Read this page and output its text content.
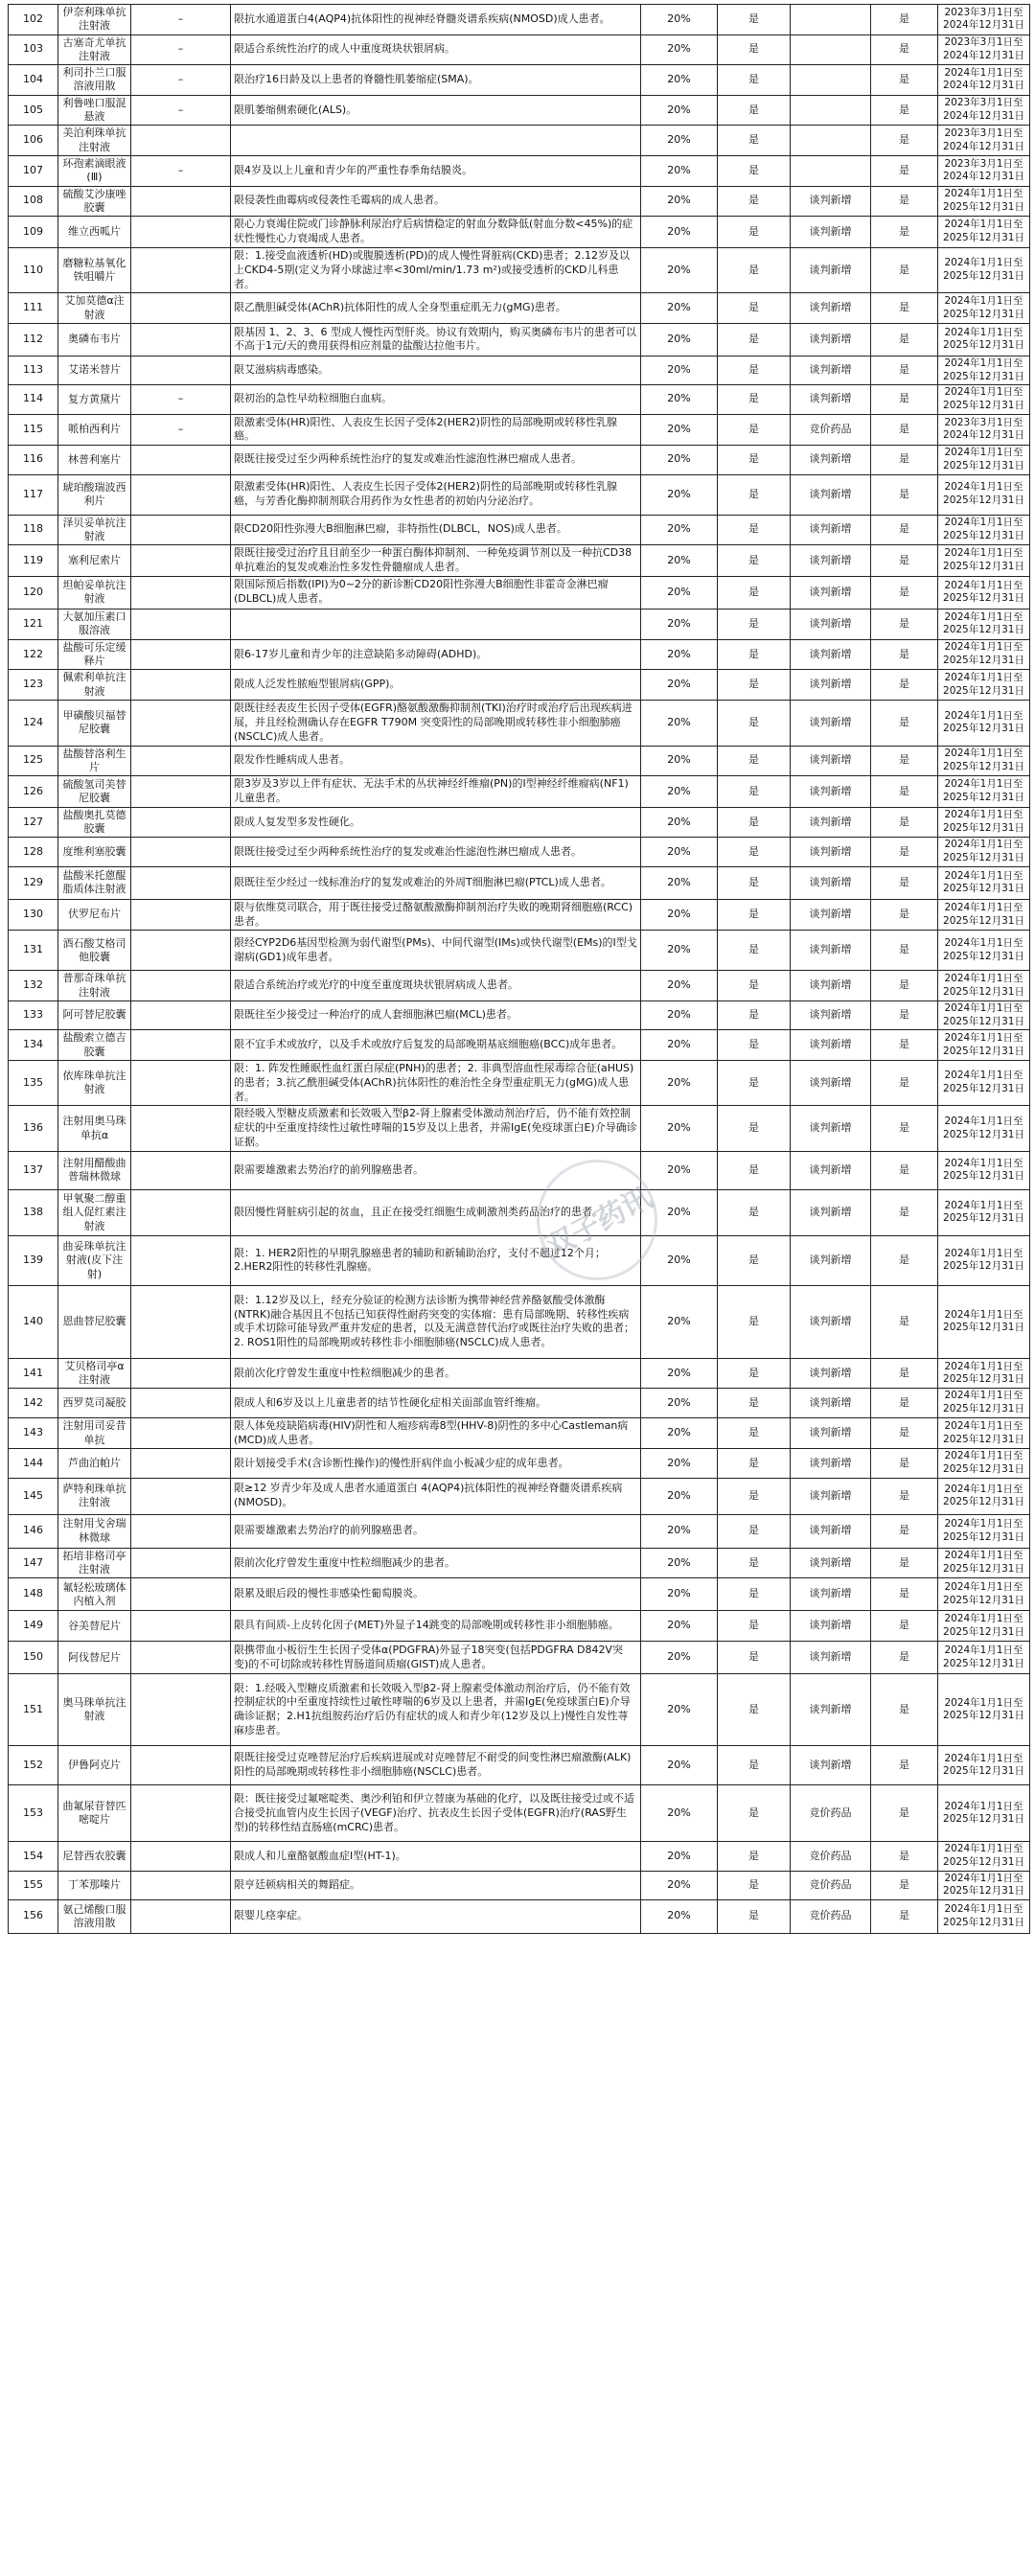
102	伊奈利珠单抗注射液	–	限抗水通道蛋白4(AQP4)抗体阳性的视神经脊髓炎谱系疾病(NMOSD)成人患者。	20%	是		是	2023年3月1日至2024年12月31日
103	古塞奇尤单抗注射液	–	限适合系统性治疗的成人中重度斑块状银屑病。	20%	是		是	2023年3月1日至2024年12月31日
104	利司扑兰口服溶液用散	–	限治疗16日龄及以上患者的脊髓性肌萎缩症(SMA)。	20%	是		是	2024年1月1日至2024年12月31日
105	利鲁唑口服混悬液	–	限肌萎缩侧索硬化(ALS)。	20%	是		是	2023年3月1日至2024年12月31日
106	美泊利珠单抗注射液			20%	是		是	2023年3月1日至2024年12月31日
107	环孢素滴眼液(Ⅲ)	–	限4岁及以上儿童和青少年的严重性春季角结膜炎。	20%	是		是	2023年3月1日至2024年12月31日
108	硫酸艾沙康唑胶囊		限侵袭性曲霉病或侵袭性毛霉病的成人患者。	20%	是	谈判新增	是	2024年1月1日至2025年12月31日
109	维立西呱片		限心力衰竭住院或门诊静脉利尿治疗后病情稳定的射血分数降低(射血分数<45%)的症状性慢性心力衰竭成人患者。	20%	是	谈判新增	是	2024年1月1日至2025年12月31日
110	磨糖粒基氧化铁咀嚼片		限：1.接受血液透析(HD)或腹膜透析(PD)的成人慢性肾脏病(CKD)患者；2.12岁及以上CKD4-5期(定义为肾小球滤过率<30ml/min/1.73 m²)或接受透析的CKD儿科患者。	20%	是	谈判新增	是	2024年1月1日至2025年12月31日
111	艾加莫德α注射液		限乙酰胆碱受体(AChR)抗体阳性的成人全身型重症肌无力(gMG)患者。	20%	是	谈判新增	是	2024年1月1日至2025年12月31日
112	奥磷布韦片		限基因 1、2、3、6 型成人慢性丙型肝炎。协议有效期内，购买奥磷布韦片的患者可以不高于1元/天的费用获得相应剂量的盐酸达拉他韦片。	20%	是	谈判新增	是	2024年1月1日至2025年12月31日
113	艾诺米替片		限艾滋病病毒感染。	20%	是	谈判新增	是	2024年1月1日至2025年12月31日
114	复方黄黛片	–	限初治的急性早幼粒细胞白血病。	20%	是	谈判新增	是	2024年1月1日至2025年12月31日
115	哌柏西利片	–	限激素受体(HR)阳性、人表皮生长因子受体2(HER2)阴性的局部晚期或转移性乳腺癌。	20%	是	竞价药品	是	2023年3月1日至2024年12月31日
116	林普利塞片		限既往接受过至少两种系统性治疗的复发或难治性滤泡性淋巴瘤成人患者。	20%	是	谈判新增	是	2024年1月1日至2025年12月31日
117	琥珀酸瑞波西利片		限激素受体(HR)阳性、人表皮生长因子受体2(HER2)阴性的局部晚期或转移性乳腺癌，与芳香化酶抑制剂联合用药作为女性患者的初始内分泌治疗。	20%	是	谈判新增	是	2024年1月1日至2025年12月31日
118	泽贝妥单抗注射液		限CD20阳性弥漫大B细胞淋巴瘤，非特指性(DLBCL，NOS)成人患者。	20%	是	谈判新增	是	2024年1月1日至2025年12月31日
119	塞利尼索片		限既往接受过治疗且目前至少一种蛋白酶体抑制剂、一种免疫调节剂以及一种抗CD38单抗难治的复发或难治性多发性骨髓瘤成人患者。	20%	是	谈判新增	是	2024年1月1日至2025年12月31日
120	坦帕妥单抗注射液		限国际预后指数(IPI)为0~2分的新诊断CD20阳性弥漫大B细胞性非霍奇金淋巴瘤(DLBCL)成人患者。	20%	是	谈判新增	是	2024年1月1日至2025年12月31日
121	大氨加压素口服溶液			20%	是	谈判新增	是	2024年1月1日至2025年12月31日
122	盐酸可乐定缓释片		限6-17岁儿童和青少年的注意缺陷多动障碍(ADHD)。	20%	是	谈判新增	是	2024年1月1日至2025年12月31日
123	佩索利单抗注射液		限成人泛发性脓疱型银屑病(GPP)。	20%	是	谈判新增	是	2024年1月1日至2025年12月31日
124	甲磺酸贝福替尼胶囊		限既往经表皮生长因子受体(EGFR)酪氨酸激酶抑制剂(TKI)治疗时或治疗后出现疾病进展，并且经检测确认存在EGFR T790M 突变阳性的局部晚期或转移性非小细胞肺癌(NSCLC)成人患者。	20%	是	谈判新增	是	2024年1月1日至2025年12月31日
125	盐酸替洛利生片		限发作性睡病成人患者。	20%	是	谈判新增	是	2024年1月1日至2025年12月31日
126	硫酸氢司美替尼胶囊		限3岁及3岁以上伴有症状、无法手术的丛状神经纤维瘤(PN)的Ⅰ型神经纤维瘤病(NF1)儿童患者。	20%	是	谈判新增	是	2024年1月1日至2025年12月31日
127	盐酸奥扎莫德胶囊		限成人复发型多发性硬化。	20%	是	谈判新增	是	2024年1月1日至2025年12月31日
128	度维利塞胶囊		限既往接受过至少两种系统性治疗的复发或难治性滤泡性淋巴瘤成人患者。	20%	是	谈判新增	是	2024年1月1日至2025年12月31日
129	盐酸米托蒽醌脂质体注射液		限既往至少经过一线标准治疗的复发或难治的外周T细胞淋巴瘤(PTCL)成人患者。	20%	是	谈判新增	是	2024年1月1日至2025年12月31日
130	伏罗尼布片		限与依维莫司联合，用于既往接受过酪氨酸激酶抑制剂治疗失败的晚期肾细胞癌(RCC)患者。	20%	是	谈判新增	是	2024年1月1日至2025年12月31日
131	酒石酸艾格司他胶囊		限经CYP2D6基因型检测为弱代谢型(PMs)、中间代谢型(IMs)或快代谢型(EMs)的Ⅰ型戈谢病(GD1)成年患者。	20%	是	谈判新增	是	2024年1月1日至2025年12月31日
132	普那奇珠单抗注射液		限适合系统治疗或光疗的中度至重度斑块状银屑病成人患者。	20%	是	谈判新增	是	2024年1月1日至2025年12月31日
133	阿可替尼胶囊		限既往至少接受过一种治疗的成人套细胞淋巴瘤(MCL)患者。	20%	是	谈判新增	是	2024年1月1日至2025年12月31日
134	盐酸索立德吉胶囊		限不宜手术或放疗，以及手术或放疗后复发的局部晚期基底细胞癌(BCC)成年患者。	20%	是	谈判新增	是	2024年1月1日至2025年12月31日
135	依库珠单抗注射液		限：1. 阵发性睡眠性血红蛋白尿症(PNH)的患者；2. 非典型溶血性尿毒综合征(aHUS)的患者；3.抗乙酰胆碱受体(AChR)抗体阳性的难治性全身型重症肌无力(gMG)成人患者。	20%	是	谈判新增	是	2024年1月1日至2025年12月31日
136	注射用奥马珠单抗α		限经吸入型糖皮质激素和长效吸入型β2-肾上腺素受体激动剂治疗后，仍不能有效控制症状的中至重度持续性过敏性哮喘的15岁及以上患者，并需IgE(免疫球蛋白E)介导确诊证据。	20%	是	谈判新增	是	2024年1月1日至2025年12月31日
137	注射用醋酸曲普瑞林微球		限需要雄激素去势治疗的前列腺癌患者。	20%	是	谈判新增	是	2024年1月1日至2025年12月31日
138	甲氧聚二醇重组人促红素注射液		限因慢性肾脏病引起的贫血，且正在接受红细胞生成刺激剂类药品治疗的患者。	20%	是	谈判新增	是	2024年1月1日至2025年12月31日
139	曲妥珠单抗注射液(皮下注射)		限：1. HER2阳性的早期乳腺癌患者的辅助和新辅助治疗，支付不超过12个月；2.HER2阳性的转移性乳腺癌。	20%	是	谈判新增	是	2024年1月1日至2025年12月31日
140	恩曲替尼胶囊		限：1.12岁及以上，经充分验证的检测方法诊断为携带神经营养酪氨酸受体激酶(NTRK)融合基因且不包括已知获得性耐药突变的实体瘤：患有局部晚期、转移性疾病或手术切除可能导致严重并发症的患者，以及无满意替代治疗或既往治疗失败的患者；2. ROS1阳性的局部晚期或转移性非小细胞肺癌(NSCLC)成人患者。	20%	是	谈判新增	是	2024年1月1日至2025年12月31日
141	艾贝格司亭α注射液		限前次化疗曾发生重度中性粒细胞减少的患者。	20%	是	谈判新增	是	2024年1月1日至2025年12月31日
142	西罗莫司凝胶		限成人和6岁及以上儿童患者的结节性硬化症相关面部血管纤维瘤。	20%	是	谈判新增	是	2024年1月1日至2025年12月31日
143	注射用司妥昔单抗		限人体免疫缺陷病毒(HIV)阴性和人疱疹病毒8型(HHV-8)阴性的多中心Castleman病(MCD)成人患者。	20%	是	谈判新增	是	2024年1月1日至2025年12月31日
144	芦曲泊帕片		限计划接受手术(含诊断性操作)的慢性肝病伴血小板减少症的成年患者。	20%	是	谈判新增	是	2024年1月1日至2025年12月31日
145	萨特利珠单抗注射液		限≥12 岁青少年及成人患者水通道蛋白 4(AQP4)抗体阳性的视神经脊髓炎谱系疾病(NMOSD)。	20%	是	谈判新增	是	2024年1月1日至2025年12月31日
146	注射用戈舍瑞林微球		限需要雄激素去势治疗的前列腺癌患者。	20%	是	谈判新增	是	2024年1月1日至2025年12月31日
147	拓培非格司亭注射液		限前次化疗曾发生重度中性粒细胞减少的患者。	20%	是	谈判新增	是	2024年1月1日至2025年12月31日
148	氟轻松玻璃体内植入剂		限累及眼后段的慢性非感染性葡萄膜炎。	20%	是	谈判新增	是	2024年1月1日至2025年12月31日
149	谷美替尼片		限具有间质-上皮转化因子(MET)外显子14跳变的局部晚期或转移性非小细胞肺癌。	20%	是	谈判新增	是	2024年1月1日至2025年12月31日
150	阿伐替尼片		限携带血小板衍生生长因子受体α(PDGFRA)外显子18突变(包括PDGFRA D842V突变)的不可切除或转移性胃肠道间质瘤(GIST)成人患者。	20%	是	谈判新增	是	2024年1月1日至2025年12月31日
151	奥马珠单抗注射液		限：1.经吸入型糖皮质激素和长效吸入型β2-肾上腺素受体激动剂治疗后，仍不能有效控制症状的中至重度持续性过敏性哮喘的6岁及以上患者，并需IgE(免疫球蛋白E)介导确诊证据；2.H1抗组胺药治疗后仍有症状的成人和青少年(12岁及以上)慢性自发性荨麻疹患者。	20%	是	谈判新增	是	2024年1月1日至2025年12月31日
152	伊鲁阿克片		限既往接受过克唑替尼治疗后疾病进展或对克唑替尼不耐受的间变性淋巴瘤激酶(ALK)阳性的局部晚期或转移性非小细胞肺癌(NSCLC)患者。	20%	是	谈判新增	是	2024年1月1日至2025年12月31日
153	曲氟尿苷替匹嘧啶片		限：既往接受过氟嘧啶类、奥沙利铂和伊立替康为基础的化疗，以及既往接受过或不适合接受抗血管内皮生长因子(VEGF)治疗、抗表皮生长因子受体(EGFR)治疗(RAS野生型)的转移性结直肠癌(mCRC)患者。	20%	是	竞价药品	是	2024年1月1日至2025年12月31日
154	尼替西农胶囊		限成人和儿童酪氨酸血症Ⅰ型(HT-1)。	20%	是	竞价药品	是	2024年1月1日至2025年12月31日
155	丁苯那嗪片		限亨廷顿病相关的舞蹈症。	20%	是	竞价药品	是	2024年1月1日至2025年12月31日
156	氨己烯酸口服溶液用散		限婴儿痉挛症。	20%	是	竞价药品	是	2024年1月1日至2025年12月31日
双子药讯
